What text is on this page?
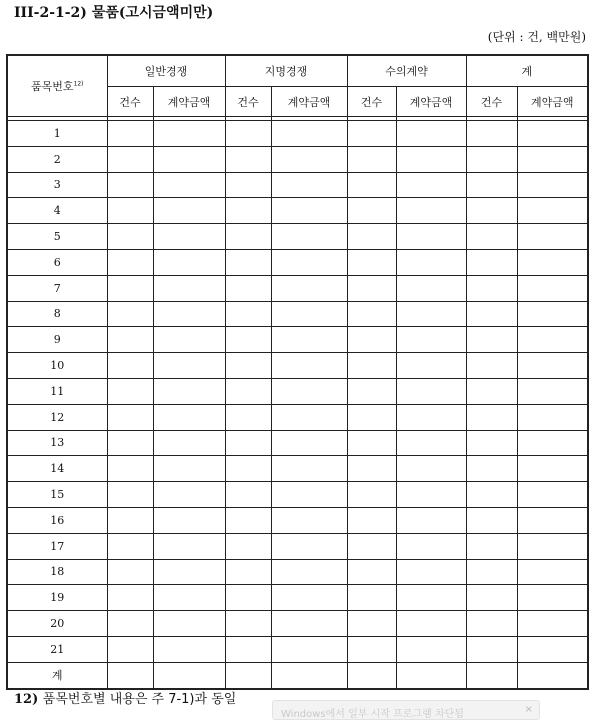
III-2-1-2) 물품(고시금액미만)
(단위 : 건, 백만원)
품목번호$^{12)}$	일반경쟁		지명경쟁		수의계약		계	
	건수	계약금액	건수	계약금액	건수	계약금액	건수	계약금액

1								
2								
3								
4								
5								
6								
7								
8								
9								
10								
11								
12								
13								
14								
15								
16								
17								
18								
19								
20								
21								
계								
12) 품목번호별 내용은 주 7-1)과 동일
Windows에서 일부 시작 프로그램 차단됨	×
